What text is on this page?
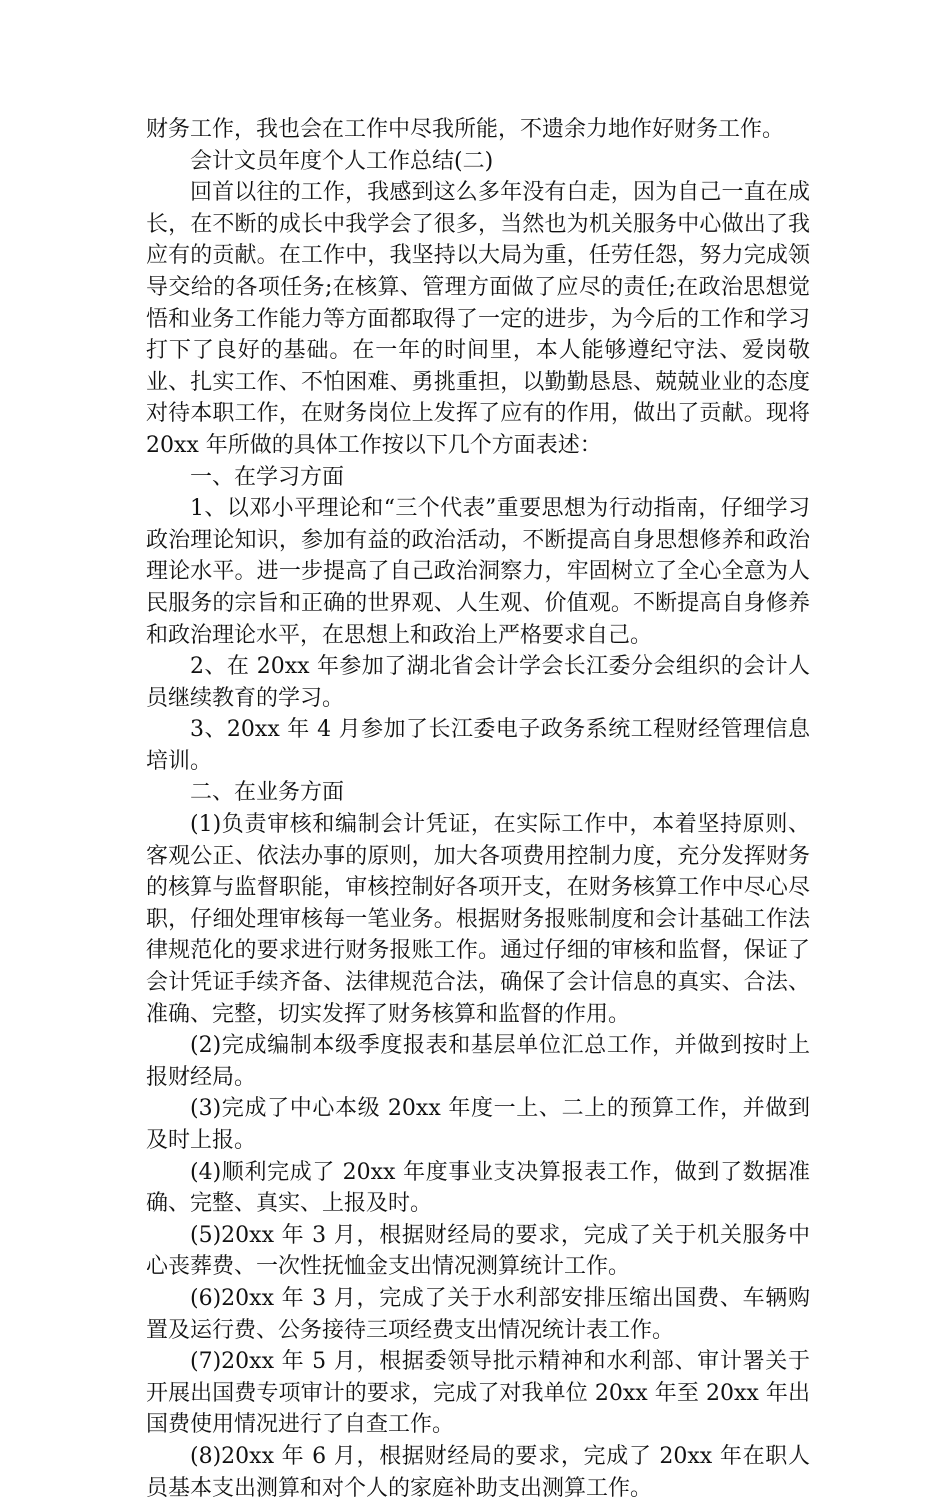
财务工作，我也会在工作中尽我所能，不遗余力地作好财务工作。

会计文员年度个人工作总结(二)

回首以往的工作，我感到这么多年没有白走，因为自己一直在成长，在不断的成长中我学会了很多，当然也为机关服务中心做出了我应有的贡献。在工作中，我坚持以大局为重，任劳任怨，努力完成领导交给的各项任务;在核算、管理方面做了应尽的责任;在政治思想觉悟和业务工作能力等方面都取得了一定的进步，为今后的工作和学习打下了良好的基础。在一年的时间里，本人能够遵纪守法、爱岗敬业、扎实工作、不怕困难、勇挑重担，以勤勤恳恳、兢兢业业的态度对待本职工作，在财务岗位上发挥了应有的作用，做出了贡献。现将 20xx 年所做的具体工作按以下几个方面表述：

一、在学习方面

1、以邓小平理论和“三个代表”重要思想为行动指南，仔细学习政治理论知识，参加有益的政治活动，不断提高自身思想修养和政治理论水平。进一步提高了自己政治洞察力，牢固树立了全心全意为人民服务的宗旨和正确的世界观、人生观、价值观。不断提高自身修养和政治理论水平，在思想上和政治上严格要求自己。

2、在 20xx 年参加了湖北省会计学会长江委分会组织的会计人员继续教育的学习。

3、20xx 年 4 月参加了长江委电子政务系统工程财经管理信息培训。

二、在业务方面

(1)负责审核和编制会计凭证，在实际工作中，本着坚持原则、客观公正、依法办事的原则，加大各项费用控制力度，充分发挥财务的核算与监督职能，审核控制好各项开支，在财务核算工作中尽心尽职，仔细处理审核每一笔业务。根据财务报账制度和会计基础工作法律规范化的要求进行财务报账工作。通过仔细的审核和监督，保证了会计凭证手续齐备、法律规范合法，确保了会计信息的真实、合法、准确、完整，切实发挥了财务核算和监督的作用。

(2)完成编制本级季度报表和基层单位汇总工作，并做到按时上报财经局。

(3)完成了中心本级 20xx 年度一上、二上的预算工作，并做到及时上报。

(4)顺利完成了 20xx 年度事业支决算报表工作，做到了数据准确、完整、真实、上报及时。

(5)20xx 年 3 月，根据财经局的要求，完成了关于机关服务中心丧葬费、一次性抚恤金支出情况测算统计工作。

(6)20xx 年 3 月，完成了关于水利部安排压缩出国费、车辆购置及运行费、公务接待三项经费支出情况统计表工作。

(7)20xx 年 5 月，根据委领导批示精神和水利部、审计署关于开展出国费专项审计的要求，完成了对我单位 20xx 年至 20xx 年出国费使用情况进行了自查工作。

(8)20xx 年 6 月，根据财经局的要求，完成了 20xx 年在职人员基本支出测算和对个人的家庭补助支出测算工作。
